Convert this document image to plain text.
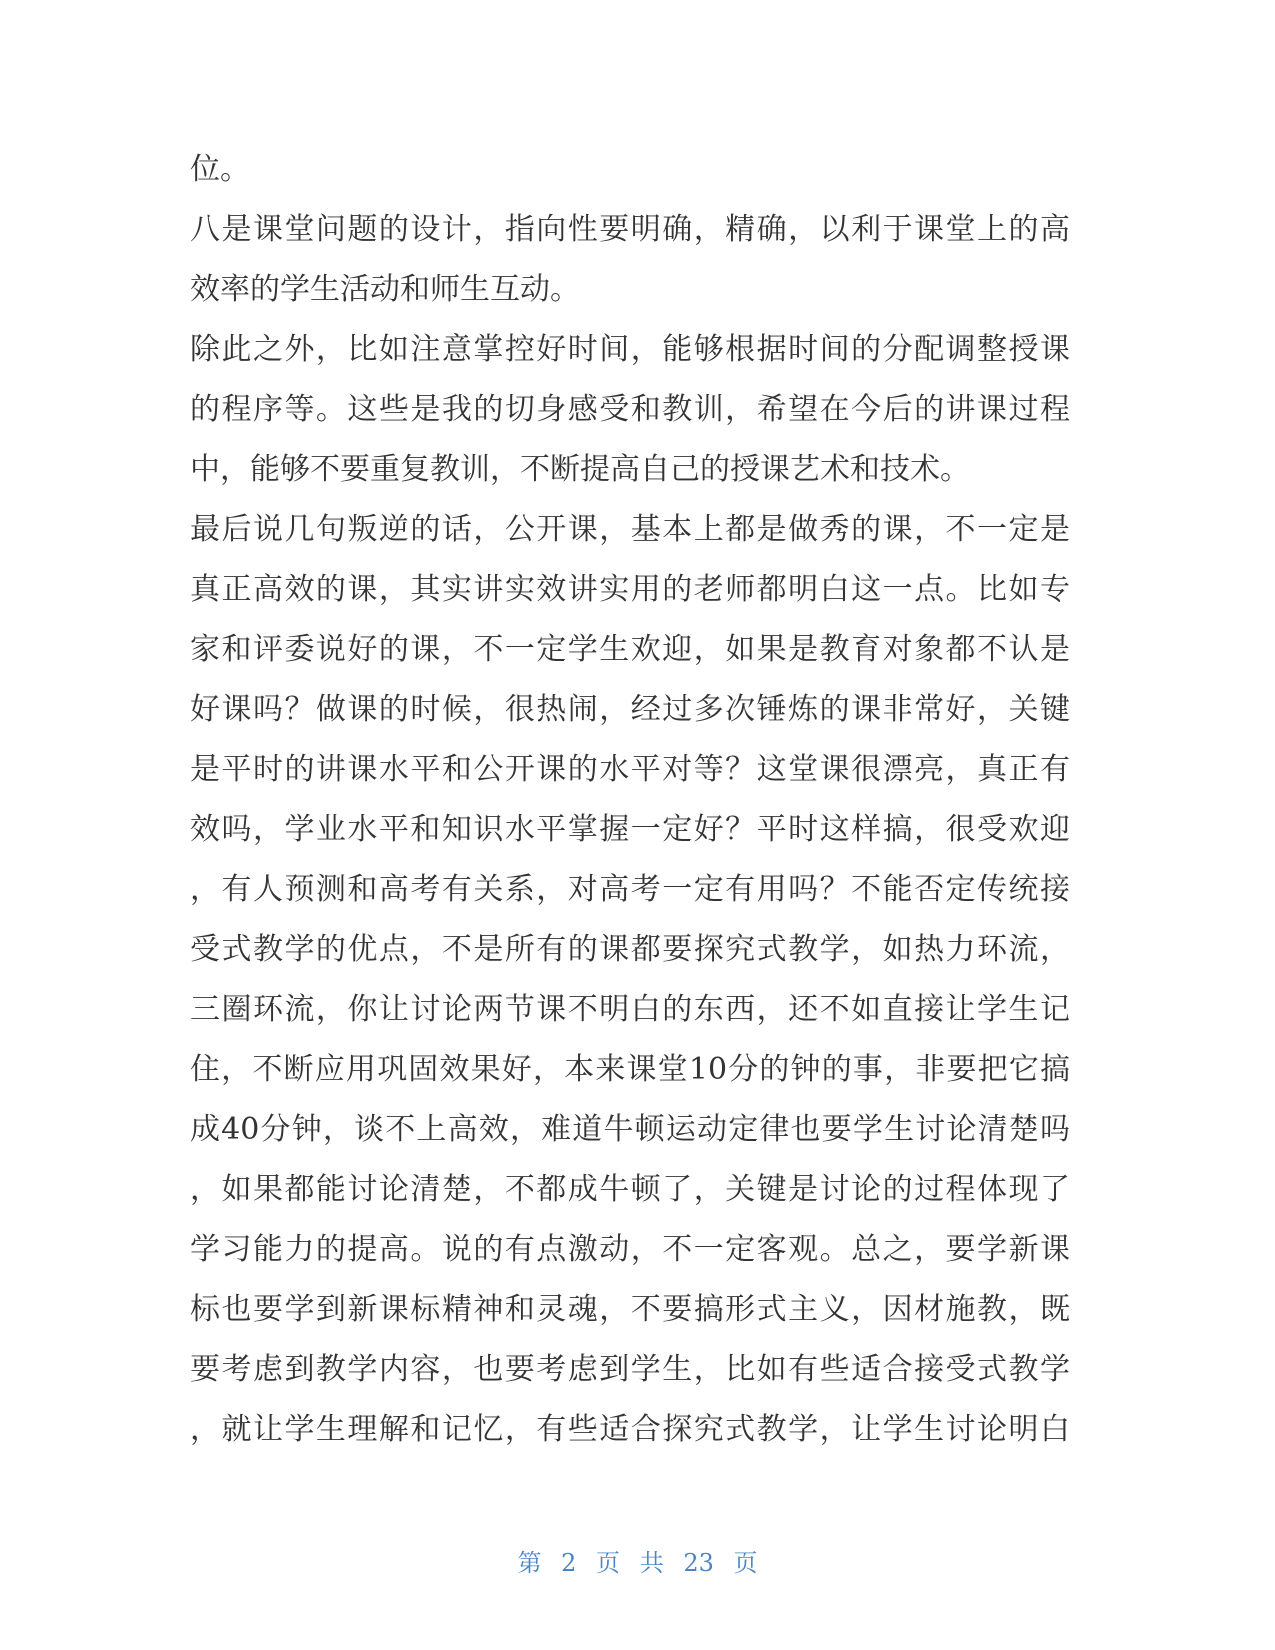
位。
八是课堂问题的设计，指向性要明确，精确，以利于课堂上的高
效率的学生活动和师生互动。
除此之外，比如注意掌控好时间，能够根据时间的分配调整授课
的程序等。这些是我的切身感受和教训，希望在今后的讲课过程
中，能够不要重复教训，不断提高自己的授课艺术和技术。
最后说几句叛逆的话，公开课，基本上都是做秀的课，不一定是
真正高效的课，其实讲实效讲实用的老师都明白这一点。比如专
家和评委说好的课，不一定学生欢迎，如果是教育对象都不认是
好课吗？做课的时候，很热闹，经过多次锤炼的课非常好，关键
是平时的讲课水平和公开课的水平对等？这堂课很漂亮，真正有
效吗，学业水平和知识水平掌握一定好？平时这样搞，很受欢迎
，有人预测和高考有关系，对高考一定有用吗？不能否定传统接
受式教学的优点，不是所有的课都要探究式教学，如热力环流，
三圈环流，你让讨论两节课不明白的东西，还不如直接让学生记
住，不断应用巩固效果好，本来课堂10分的钟的事，非要把它搞
成40分钟，谈不上高效，难道牛顿运动定律也要学生讨论清楚吗
，如果都能讨论清楚，不都成牛顿了，关键是讨论的过程体现了
学习能力的提高。说的有点激动，不一定客观。总之，要学新课
标也要学到新课标精神和灵魂，不要搞形式主义，因材施教，既
要考虑到教学内容，也要考虑到学生，比如有些适合接受式教学
，就让学生理解和记忆，有些适合探究式教学，让学生讨论明白
第 2 页 共 23 页
